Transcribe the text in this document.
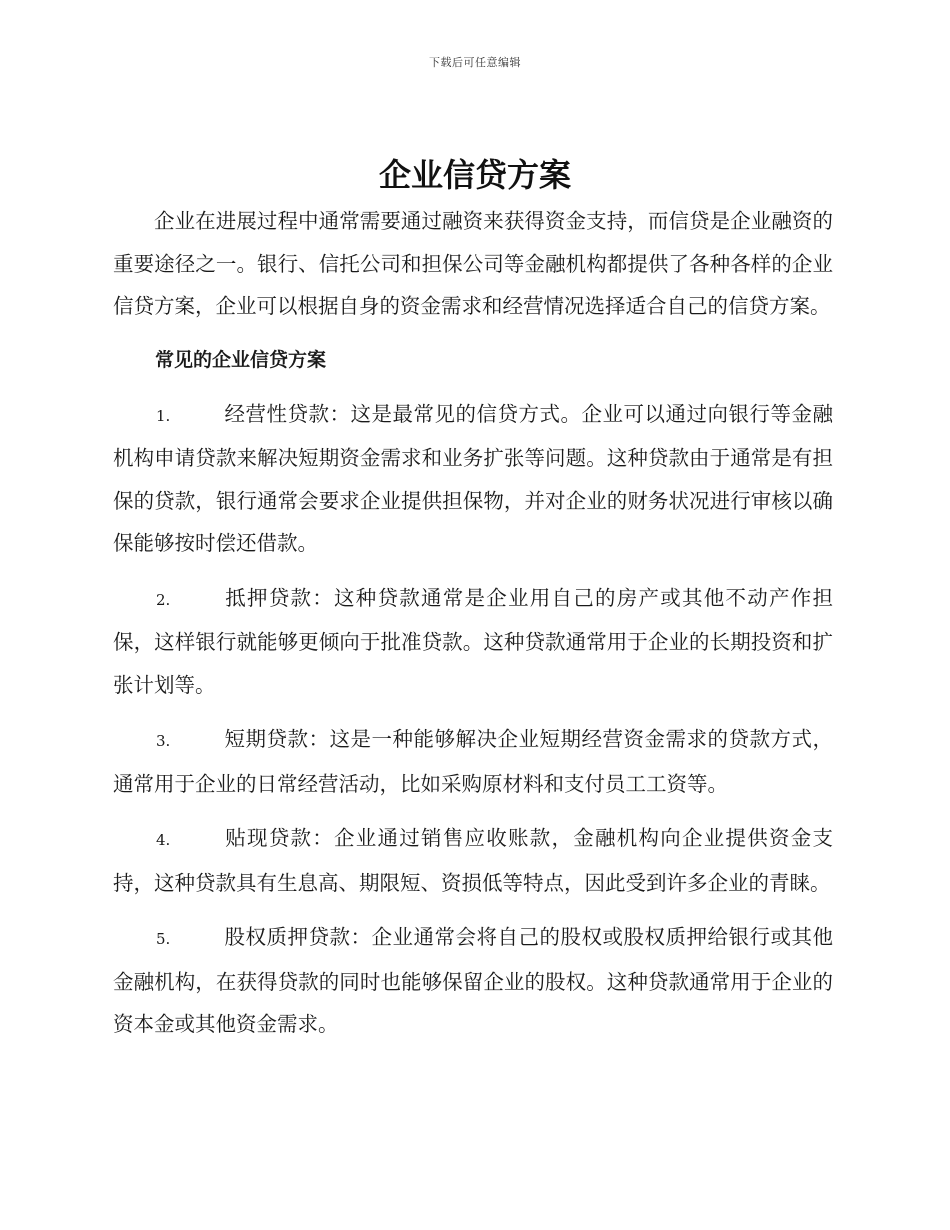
下载后可任意编辑
企业信贷方案

企业在进展过程中通常需要通过融资来获得资金支持，而信贷是企业融资的重要途径之一。银行、信托公司和担保公司等金融机构都提供了各种各样的企业信贷方案，企业可以根据自身的资金需求和经营情况选择适合自己的信贷方案。

常见的企业信贷方案

1.	经营性贷款：这是最常见的信贷方式。企业可以通过向银行等金融机构申请贷款来解决短期资金需求和业务扩张等问题。这种贷款由于通常是有担保的贷款，银行通常会要求企业提供担保物，并对企业的财务状况进行审核以确保能够按时偿还借款。

2.	抵押贷款：这种贷款通常是企业用自己的房产或其他不动产作担保，这样银行就能够更倾向于批准贷款。这种贷款通常用于企业的长期投资和扩张计划等。

3.	短期贷款：这是一种能够解决企业短期经营资金需求的贷款方式，通常用于企业的日常经营活动，比如采购原材料和支付员工工资等。

4.	贴现贷款：企业通过销售应收账款，金融机构向企业提供资金支持，这种贷款具有生息高、期限短、资损低等特点，因此受到许多企业的青睐。

5.	股权质押贷款：企业通常会将自己的股权或股权质押给银行或其他金融机构，在获得贷款的同时也能够保留企业的股权。这种贷款通常用于企业的资本金或其他资金需求。
